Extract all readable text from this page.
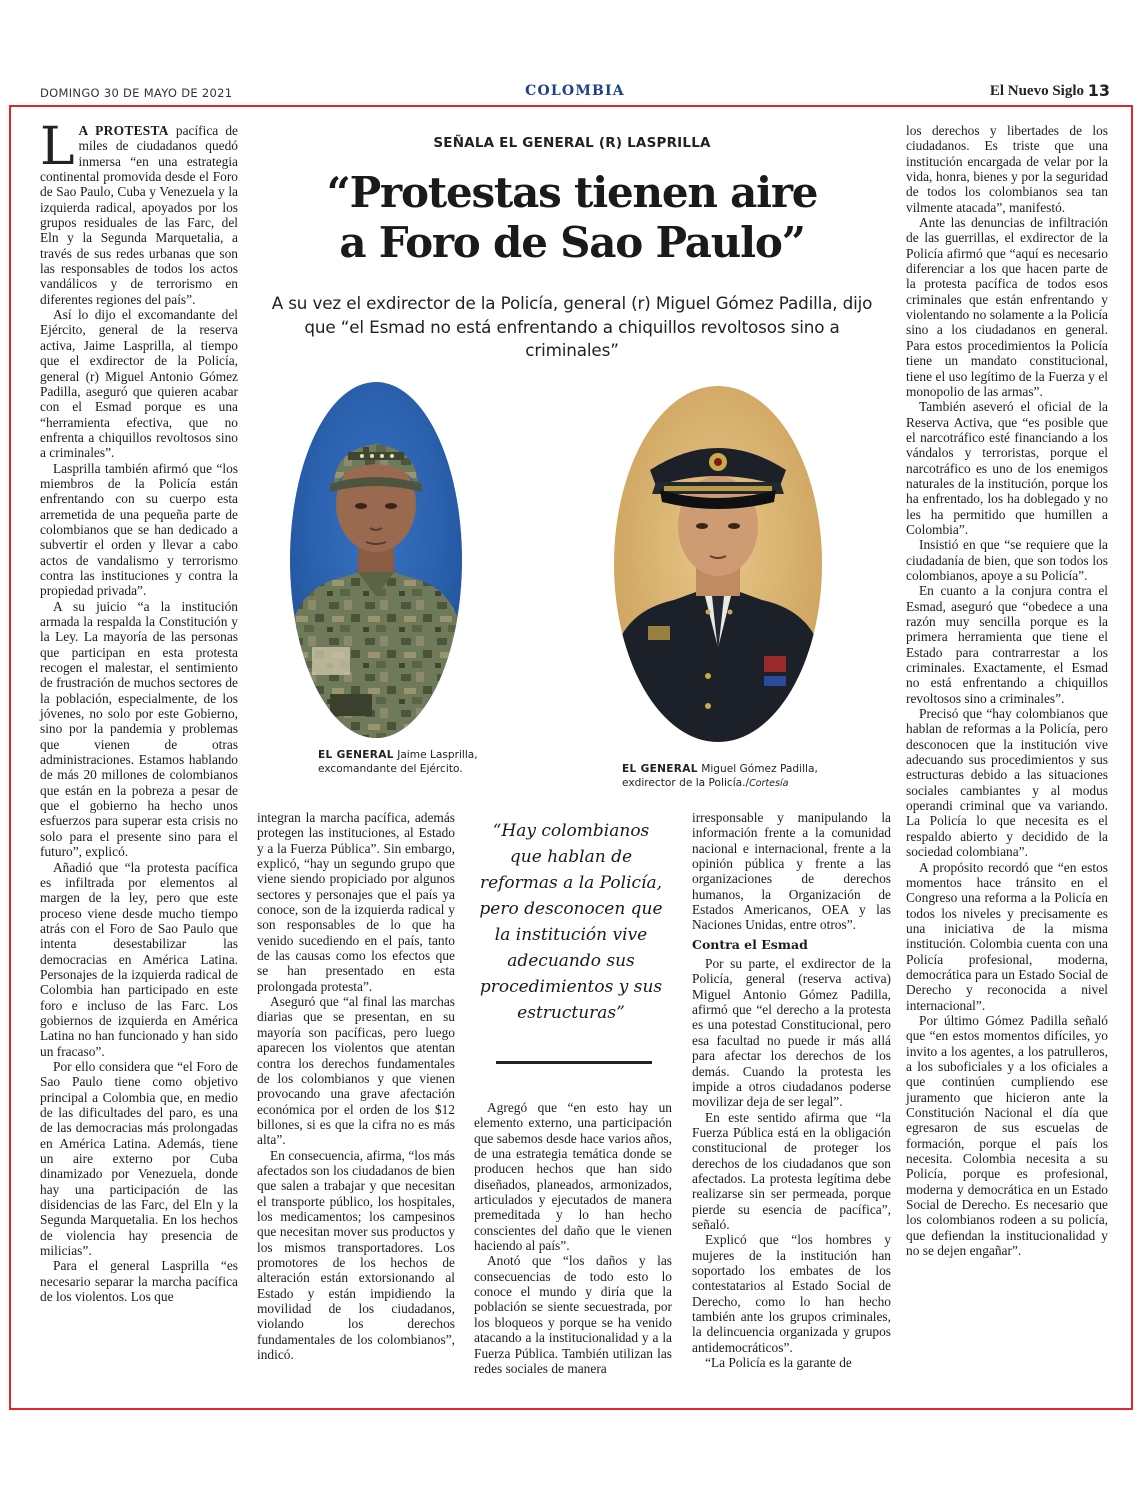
DOMINGO 30 DE MAYO DE 2021	COLOMBIA	El Nuevo Siglo 13

L A PROTESTA pacífica de miles de ciudadanos quedó inmersa “en una estrategia continental promovida desde el Foro de Sao Paulo, Cuba y Venezuela y la izquierda radical, apoyados por los grupos residuales de las Farc, del Eln y la Segunda Marquetalia, a través de sus redes urbanas que son las responsables de todos los actos vandálicos y de terrorismo en diferentes regiones del país”.

Así lo dijo el excomandante del Ejército, general de la reserva activa, Jaime Lasprilla, al tiempo que el exdirector de la Policía, general (r) Miguel Antonio Gómez Padilla, aseguró que quieren acabar con el Esmad porque es una “herramienta efectiva, que no enfrenta a chiquillos revoltosos sino a criminales”.

Lasprilla también afirmó que “los miembros de la Policía están enfrentando con su cuerpo esta arremetida de una pequeña parte de colombianos que se han dedicado a subvertir el orden y llevar a cabo actos de vandalismo y terrorismo contra las instituciones y contra la propiedad privada”.

A su juicio “a la institución armada la respalda la Constitución y la Ley. La mayoría de las personas que participan en esta protesta recogen el malestar, el sentimiento de frustración de muchos sectores de la población, especialmente, de los jóvenes, no solo por este Gobierno, sino por la pandemia y problemas que vienen de otras administraciones. Estamos hablando de más 20 millones de colombianos que están en la pobreza a pesar de que el gobierno ha hecho unos esfuerzos para superar esta crisis no solo para el presente sino para el futuro”, explicó.

Añadió que “la protesta pacífica es infiltrada por elementos al margen de la ley, pero que este proceso viene desde mucho tiempo atrás con el Foro de Sao Paulo que intenta desestabilizar las democracias en América Latina. Personajes de la izquierda radical de Colombia han participado en este foro e incluso de las Farc. Los gobiernos de izquierda en América Latina no han funcionado y han sido un fracaso”.

Por ello considera que “el Foro de Sao Paulo tiene como objetivo principal a Colombia que, en medio de las dificultades del paro, es una de las democracias más prolongadas en América Latina. Además, tiene un aire externo por Cuba dinamizado por Venezuela, donde hay una participación de las disidencias de las Farc, del Eln y la Segunda Marquetalia. En los hechos de violencia hay presencia de milicias”.

Para el general Lasprilla “es necesario separar la marcha pacífica de los violentos. Los que

SEÑALA EL GENERAL (R) LASPRILLA
“Protestas tienen aire
a Foro de Sao Paulo”
A su vez el exdirector de la Policía, general (r) Miguel Gómez Padilla, dijo que “el Esmad no está enfrentando a chiquillos revoltosos sino a criminales”
EL GENERAL Jaime Lasprilla,
excomandante del Ejército.	EL GENERAL Miguel Gómez Padilla,
exdirector de la Policía./Cortesía

integran la marcha pacífica, además protegen las instituciones, al Estado y a la Fuerza Pública”. Sin embargo, explicó, “hay un segundo grupo que viene siendo propiciado por algunos sectores y personajes que el país ya conoce, son de la izquierda radical y son responsables de lo que ha venido sucediendo en el país, tanto de las causas como los efectos que se han presentado en esta prolongada protesta”.

Aseguró que “al final las marchas diarias que se presentan, en su mayoría son pacíficas, pero luego aparecen los violentos que atentan contra los derechos fundamentales de los colombianos y que vienen provocando una grave afectación económica por el orden de los $12 billones, si es que la cifra no es más alta”.

En consecuencia, afirma, “los más afectados son los ciudadanos de bien que salen a trabajar y que necesitan el transporte público, los hospitales, los medicamentos; los campesinos que necesitan mover sus productos y los mismos transportadores. Los promotores de los hechos de alteración están extorsionando al Estado y están impidiendo la movilidad de los ciudadanos, violando los derechos fundamentales de los colombianos”, indicó.

“Hay colombianos que hablan de reformas a la Policía, pero desconocen que la institución vive adecuando sus procedimientos y sus estructuras”

Agregó que “en esto hay un elemento externo, una participación que sabemos desde hace varios años, de una estrategia temática donde se producen hechos que han sido diseñados, planeados, armonizados, articulados y ejecutados de manera premeditada y lo han hecho conscientes del daño que le vienen haciendo al país”.

Anotó que “los daños y las consecuencias de todo esto lo conoce el mundo y diría que la población se siente secuestrada, por los bloqueos y porque se ha venido atacando a la institucionalidad y a la Fuerza Pública. También utilizan las redes sociales de manera

irresponsable y manipulando la información frente a la comunidad nacional e internacional, frente a la opinión pública y frente a las organizaciones de derechos humanos, la Organización de Estados Americanos, OEA y las Naciones Unidas, entre otros”.

Contra el Esmad

Por su parte, el exdirector de la Policía, general (reserva activa) Miguel Antonio Gómez Padilla, afirmó que “el derecho a la protesta es una potestad Constitucional, pero esa facultad no puede ir más allá para afectar los derechos de los demás. Cuando la protesta les impide a otros ciudadanos poderse movilizar deja de ser legal”.

En este sentido afirma que “la Fuerza Pública está en la obligación constitucional de proteger los derechos de los ciudadanos que son afectados. La protesta legítima debe realizarse sin ser permeada, porque pierde su esencia de pacífica”, señaló.

Explicó que “los hombres y mujeres de la institución han soportado los embates de los contestatarios al Estado Social de Derecho, como lo han hecho también ante los grupos criminales, la delincuencia organizada y grupos antidemocráticos”.

“La Policía es la garante de

los derechos y libertades de los ciudadanos. Es triste que una institución encargada de velar por la vida, honra, bienes y por la seguridad de todos los colombianos sea tan vilmente atacada”, manifestó.

Ante las denuncias de infiltración de las guerrillas, el exdirector de la Policía afirmó que “aquí es necesario diferenciar a los que hacen parte de la protesta pacífica de todos esos criminales que están enfrentando y violentando no solamente a la Policía sino a los ciudadanos en general. Para estos procedimientos la Policía tiene un mandato constitucional, tiene el uso legítimo de la Fuerza y el monopolio de las armas”.

También aseveró el oficial de la Reserva Activa, que “es posible que el narcotráfico esté financiando a los vándalos y terroristas, porque el narcotráfico es uno de los enemigos naturales de la institución, porque los ha enfrentado, los ha doblegado y no les ha permitido que humillen a Colombia”.

Insistió en que “se requiere que la ciudadanía de bien, que son todos los colombianos, apoye a su Policía”.

En cuanto a la conjura contra el Esmad, aseguró que “obedece a una razón muy sencilla porque es la primera herramienta que tiene el Estado para contrarrestar a los criminales. Exactamente, el Esmad no está enfrentando a chiquillos revoltosos sino a criminales”.

Precisó que “hay colombianos que hablan de reformas a la Policía, pero desconocen que la institución vive adecuando sus procedimientos y sus estructuras debido a las situaciones sociales cambiantes y al modus operandi criminal que va variando. La Policía lo que necesita es el respaldo abierto y decidido de la sociedad colombiana”.

A propósito recordó que “en estos momentos hace tránsito en el Congreso una reforma a la Policía en todos los niveles y precisamente es una iniciativa de la misma institución. Colombia cuenta con una Policía profesional, moderna, democrática para un Estado Social de Derecho y reconocida a nivel internacional”.

Por último Gómez Padilla señaló que “en estos momentos difíciles, yo invito a los agentes, a los patrulleros, a los suboficiales y a los oficiales a que continúen cumpliendo ese juramento que hicieron ante la Constitución Nacional el día que egresaron de sus escuelas de formación, porque el país los necesita. Colombia necesita a su Policía, porque es profesional, moderna y democrática en un Estado Social de Derecho. Es necesario que los colombianos rodeen a su policía, que defiendan la institucionalidad y no se dejen engañar”.
